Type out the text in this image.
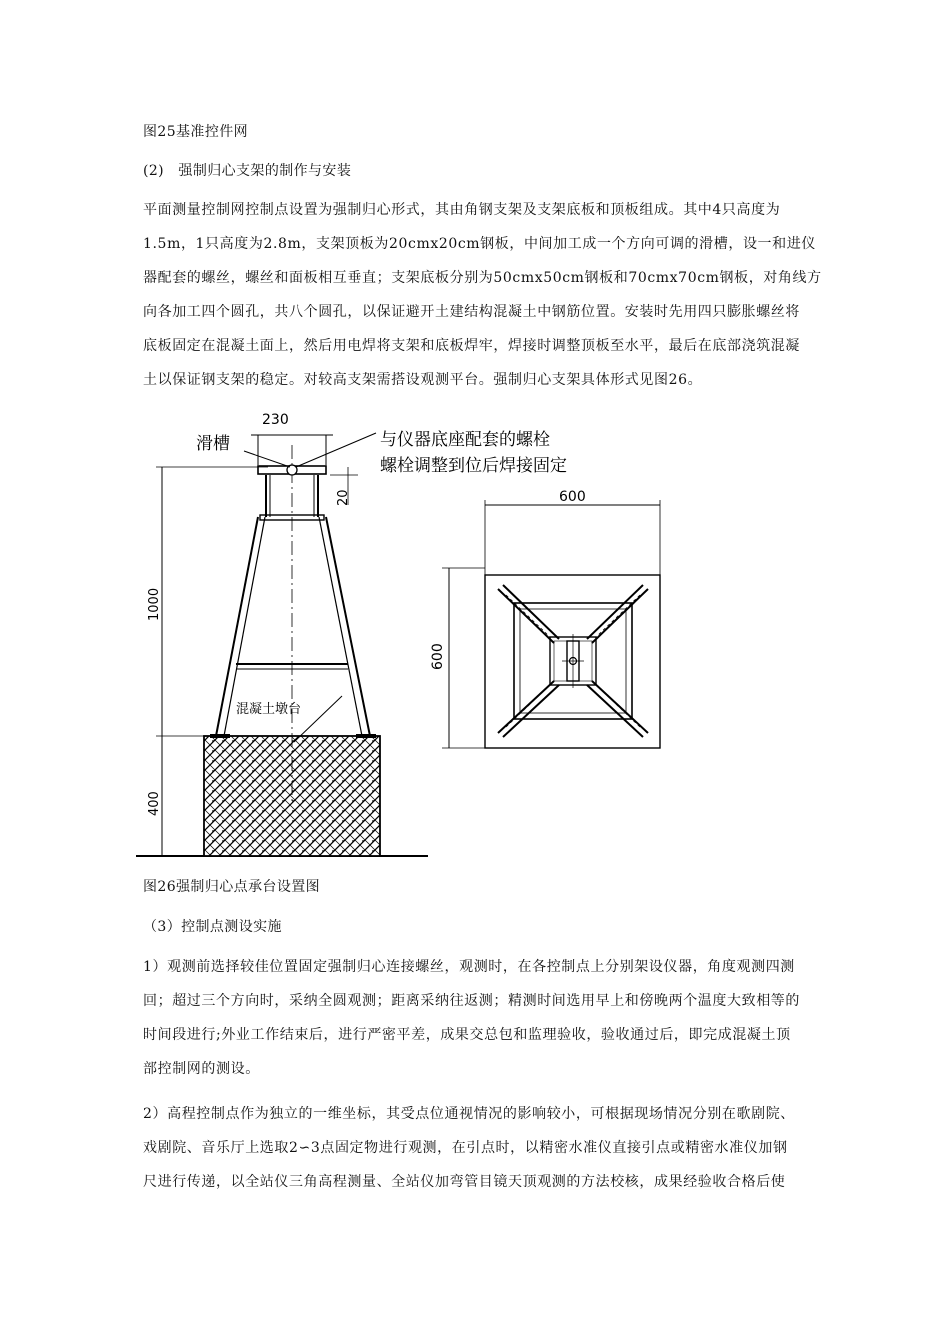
图25基准控件网
(2)　强制归心支架的制作与安装
平面测量控制网控制点设置为强制归心形式，其由角钢支架及支架底板和顶板组成。其中4只高度为
1.5m，1只高度为2.8m，支架顶板为20cmx20cm钢板，中间加工成一个方向可调的滑槽，设一和进仪
器配套的螺丝，螺丝和面板相互垂直；支架底板分别为50cmx50cm钢板和70cmx70cm钢板，对角线方
向各加工四个圆孔，共八个圆孔，以保证避开土建结构混凝土中钢筋位置。安装时先用四只膨胀螺丝将
底板固定在混凝土面上，然后用电焊将支架和底板焊牢，焊接时调整顶板至水平，最后在底部浇筑混凝
土以保证钢支架的稳定。对较高支架需搭设观测平台。强制归心支架具体形式见图26。
230
滑槽	与仪器底座配套的螺栓
螺栓调整到位后焊接固定
20
1000
400
混凝土墩台
600
600
图26强制归心点承台设置图
（3）控制点测设实施
1）观测前选择较佳位置固定强制归心连接螺丝，观测时，在各控制点上分别架设仪器，角度观测四测
回；超过三个方向时，采纳全圆观测；距离采纳往返测；精测时间选用早上和傍晚两个温度大致相等的
时间段进行;外业工作结束后，进行严密平差，成果交总包和监理验收，验收通过后，即完成混凝土顶
部控制网的测设。
2）高程控制点作为独立的一维坐标，其受点位通视情况的影响较小，可根据现场情况分别在歌剧院、
戏剧院、音乐厅上选取2∽3点固定物进行观测，在引点时，以精密水准仪直接引点或精密水准仪加钢
尺进行传递，以全站仪三角高程测量、全站仪加弯管目镜天顶观测的方法校核，成果经验收合格后使
